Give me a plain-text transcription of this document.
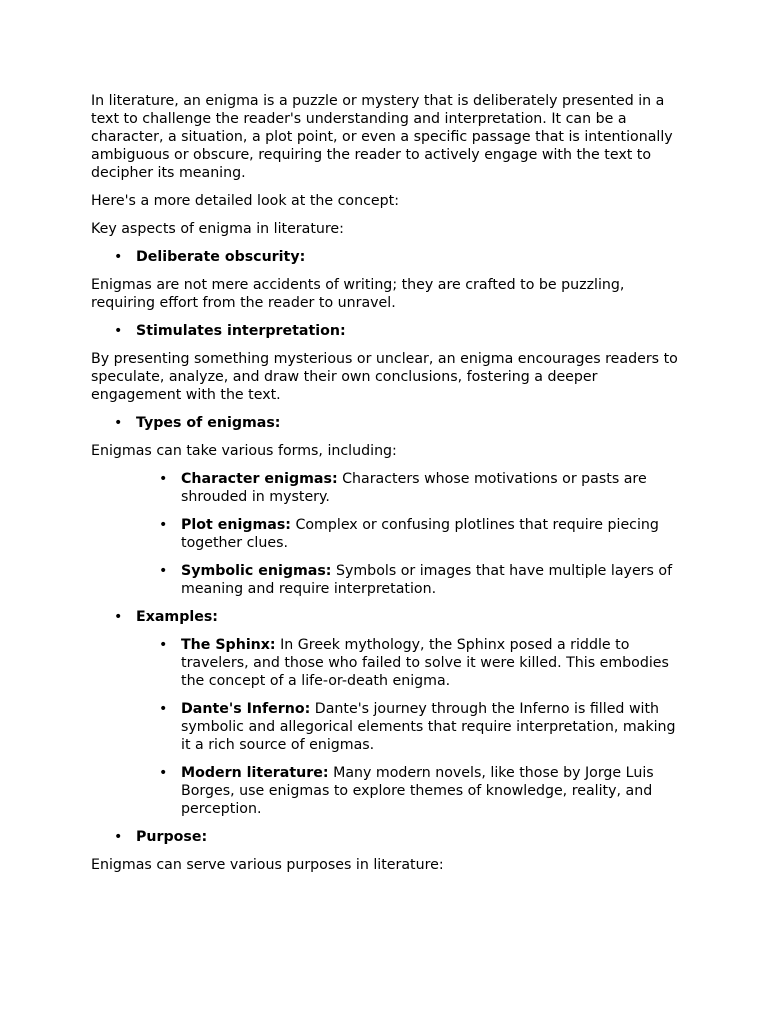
In literature, an enigma is a puzzle or mystery that is deliberately presented in a text to challenge the reader's understanding and interpretation. It can be a character, a situation, a plot point, or even a specific passage that is intentionally ambiguous or obscure, requiring the reader to actively engage with the text to decipher its meaning.

Here's a more detailed look at the concept:

Key aspects of enigma in literature:

• Deliberate obscurity:

Enigmas are not mere accidents of writing; they are crafted to be puzzling, requiring effort from the reader to unravel.

• Stimulates interpretation:

By presenting something mysterious or unclear, an enigma encourages readers to speculate, analyze, and draw their own conclusions, fostering a deeper engagement with the text.

• Types of enigmas:

Enigmas can take various forms, including:

• Character enigmas: Characters whose motivations or pasts are shrouded in mystery.
• Plot enigmas: Complex or confusing plotlines that require piecing together clues.
• Symbolic enigmas: Symbols or images that have multiple layers of meaning and require interpretation.
• Examples:
• The Sphinx: In Greek mythology, the Sphinx posed a riddle to travelers, and those who failed to solve it were killed. This embodies the concept of a life-or-death enigma.
• Dante's Inferno: Dante's journey through the Inferno is filled with symbolic and allegorical elements that require interpretation, making it a rich source of enigmas.
• Modern literature: Many modern novels, like those by Jorge Luis Borges, use enigmas to explore themes of knowledge, reality, and perception.
• Purpose:

Enigmas can serve various purposes in literature:
